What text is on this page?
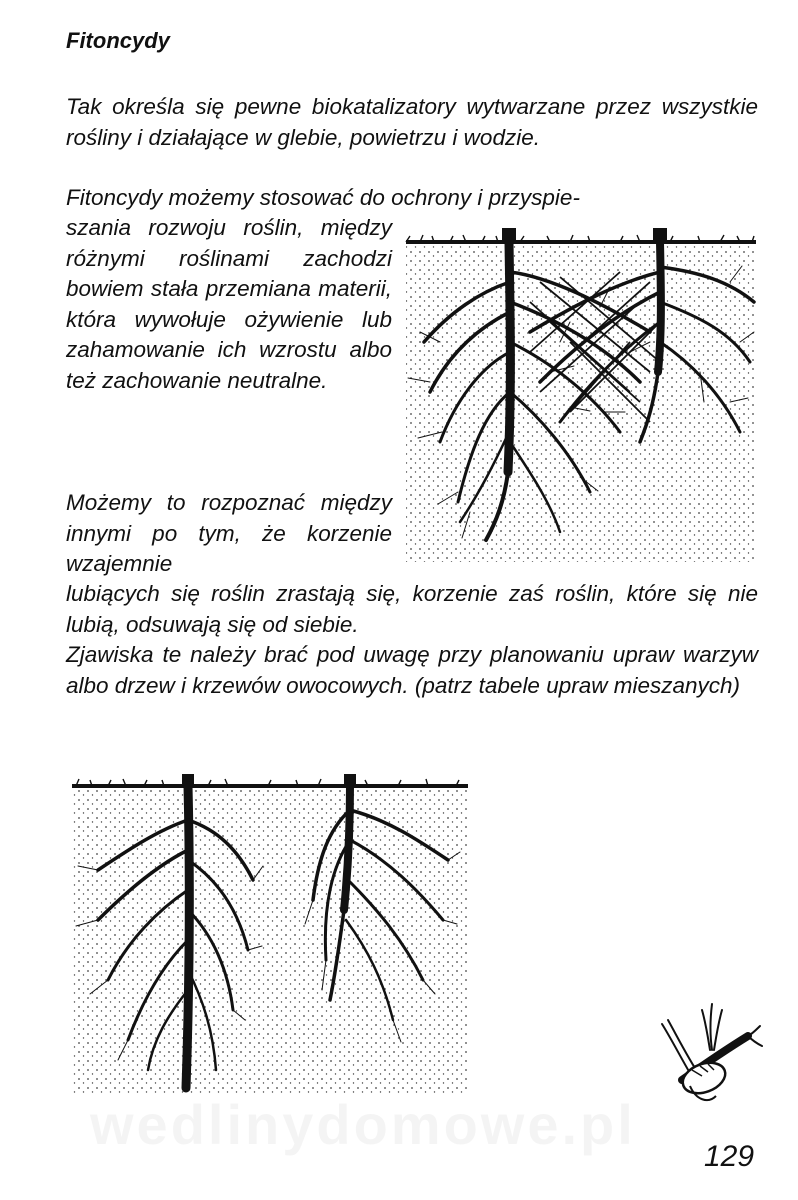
Fitoncydy

Tak określa się pewne biokatalizatory wytwarzane przez wszystkie rośliny i działające w glebie, powietrzu i wodzie.

Fitoncydy możemy stosować do ochrony i przyspie-

szania rozwoju roślin, między różnymi roślinami zachodzi bowiem stała przemiana materii, która wywołuje ożywienie lub zahamowanie ich wzrostu albo też zachowanie neutralne.

Możemy to rozpoznać między innymi po tym, że korzenie wzajemnie

lubiących się roślin zrastają się, korzenie zaś roślin, które się nie lubią, odsuwają się od siebie.

Zjawiska te należy brać pod uwagę przy planowaniu upraw warzyw albo drzew i krzewów owocowych. (patrz tabele upraw mieszanych)

129
